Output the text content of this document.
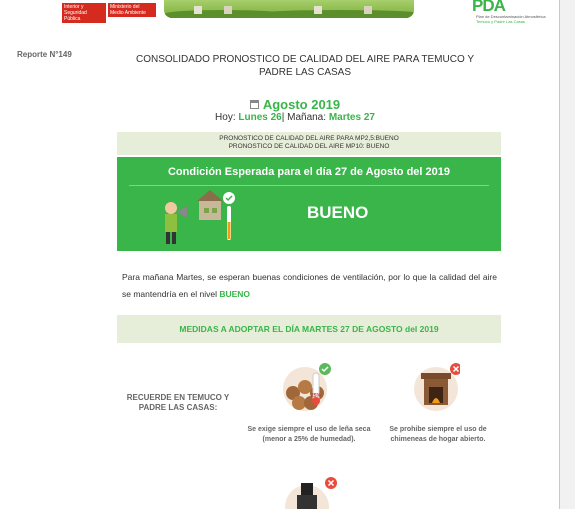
Interior y Seguridad Pública
Ministerio del Medio Ambiente	PDA
Plan de Descontaminación Atmosférica
Temuco y Padre Las Casas
Reporte N°149	CONSOLIDADO PRONOSTICO DE CALIDAD DEL AIRE PARA TEMUCO Y PADRE LAS CASAS
Agosto 2019
Hoy: Lunes 26| Mañana: Martes 27
PRONOSTICO DE CALIDAD DEL AIRE PARA MP2,5:BUENO
PRONOSTICO DE CALIDAD DEL AIRE MP10: BUENO
Condición Esperada para el día 27 de Agosto del 2019
BUENO
Para mañana Martes, se esperan buenas condiciones de ventilación, por lo que la calidad del aire se mantendría en el nivel BUENO
MEDIDAS A ADOPTAR EL DÍA MARTES 27 DE AGOSTO del 2019
RECUERDE EN TEMUCO Y PADRE LAS CASAS:
25%
Se exige siempre el uso de leña seca (menor a 25% de humedad).
Se prohibe siempre el uso de chimeneas de hogar abierto.
